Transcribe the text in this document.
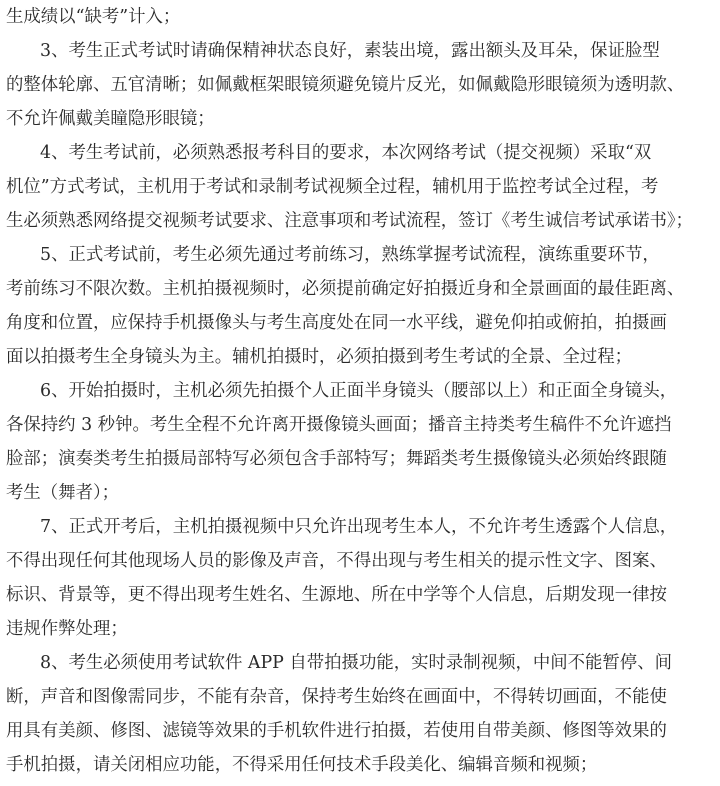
生成绩以“缺考”计入；
3、考生正式考试时请确保精神状态良好，素装出境，露出额头及耳朵，保证脸型
的整体轮廓、五官清晰；如佩戴框架眼镜须避免镜片反光，如佩戴隐形眼镜须为透明款、
不允许佩戴美瞳隐形眼镜；
4、考生考试前，必须熟悉报考科目的要求，本次网络考试（提交视频）采取“双
机位”方式考试，主机用于考试和录制考试视频全过程，辅机用于监控考试全过程，考
生必须熟悉网络提交视频考试要求、注意事项和考试流程，签订《考生诚信考试承诺书》；
5、正式考试前，考生必须先通过考前练习，熟练掌握考试流程，演练重要环节，
考前练习不限次数。主机拍摄视频时，必须提前确定好拍摄近身和全景画面的最佳距离、
角度和位置，应保持手机摄像头与考生高度处在同一水平线，避免仰拍或俯拍，拍摄画
面以拍摄考生全身镜头为主。辅机拍摄时，必须拍摄到考生考试的全景、全过程；
6、开始拍摄时，主机必须先拍摄个人正面半身镜头（腰部以上）和正面全身镜头，
各保持约 3 秒钟。考生全程不允许离开摄像镜头画面；播音主持类考生稿件不允许遮挡
脸部；演奏类考生拍摄局部特写必须包含手部特写；舞蹈类考生摄像镜头必须始终跟随
考生（舞者）；
7、正式开考后，主机拍摄视频中只允许出现考生本人，不允许考生透露个人信息，
不得出现任何其他现场人员的影像及声音，不得出现与考生相关的提示性文字、图案、
标识、背景等，更不得出现考生姓名、生源地、所在中学等个人信息，后期发现一律按
违规作弊处理；
8、考生必须使用考试软件 APP 自带拍摄功能，实时录制视频，中间不能暂停、间
断，声音和图像需同步，不能有杂音，保持考生始终在画面中，不得转切画面，不能使
用具有美颜、修图、滤镜等效果的手机软件进行拍摄，若使用自带美颜、修图等效果的
手机拍摄，请关闭相应功能，不得采用任何技术手段美化、编辑音频和视频；
